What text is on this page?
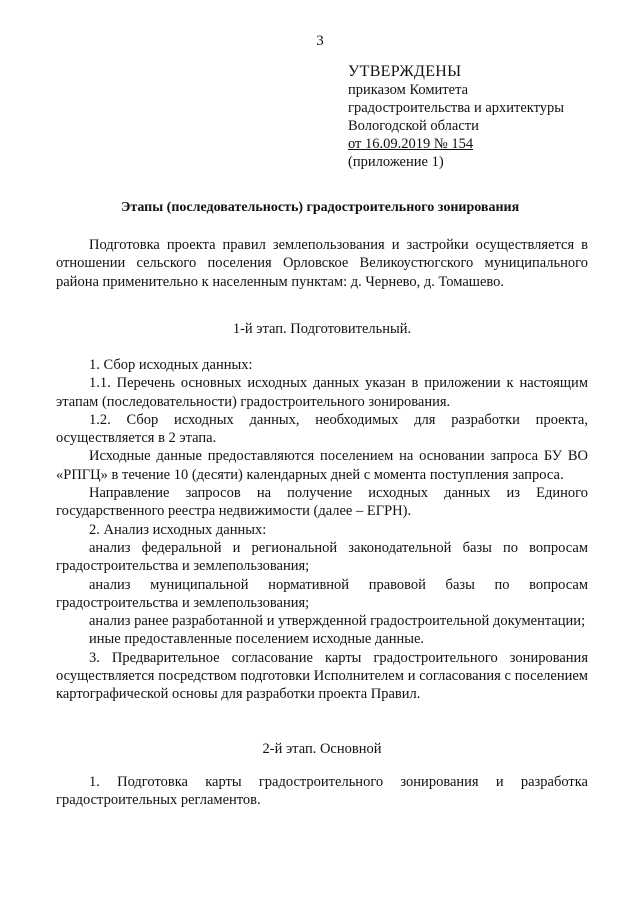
3
УТВЕРЖДЕНЫ
приказом Комитета
градостроительства и архитектуры
Вологодской области
от 16.09.2019 № 154
(приложение 1)
Этапы (последовательность) градостроительного зонирования

Подготовка проекта правил землепользования и застройки осуществляется в отношении сельского поселения Орловское Великоустюгского муниципального района применительно к населенным пунктам: д. Чернево, д. Томашево.

1-й этап. Подготовительный.

1. Сбор исходных данных:

1.1. Перечень основных исходных данных указан в приложении к настоящим этапам (последовательности) градостроительного зонирования.

1.2. Сбор исходных данных, необходимых для разработки проекта, осуществляется в 2 этапа.

Исходные данные предоставляются поселением на основании запроса БУ ВО «РПГЦ» в течение 10 (десяти) календарных дней с момента поступления запроса.

Направление запросов на получение исходных данных из Единого государственного реестра недвижимости (далее – ЕГРН).

2. Анализ исходных данных:

анализ федеральной и региональной законодательной базы по вопросам градостроительства и землепользования;

анализ муниципальной нормативной правовой базы по вопросам градостроительства и землепользования;

анализ ранее разработанной и утвержденной градостроительной документации;

иные предоставленные поселением исходные данные.

3. Предварительное согласование карты градостроительного зонирования осуществляется посредством подготовки Исполнителем и согласования с поселением картографической основы для разработки проекта Правил.

2-й этап. Основной

1. Подготовка карты градостроительного зонирования и разработка градостроительных регламентов.
